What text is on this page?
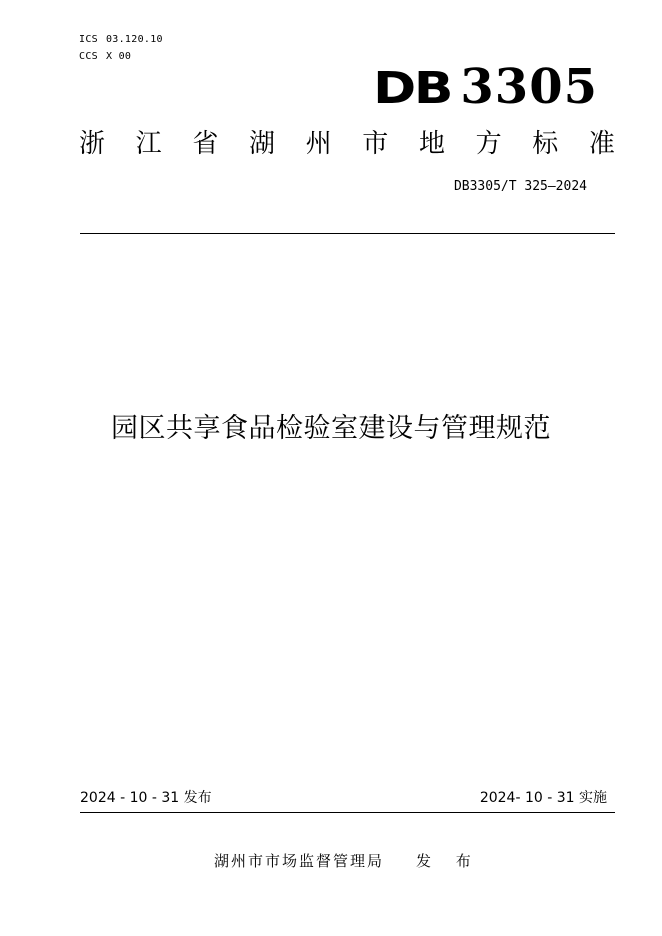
ICS 03.120.10
CCS X 00
DB 3305
浙 江 省 湖 州 市 地 方 标 准
DB3305/T 325—2024
园区共享食品检验室建设与管理规范
2024 - 10 - 31 发布	2024- 10 - 31 实施
湖州市市场监督管理局 发 布
